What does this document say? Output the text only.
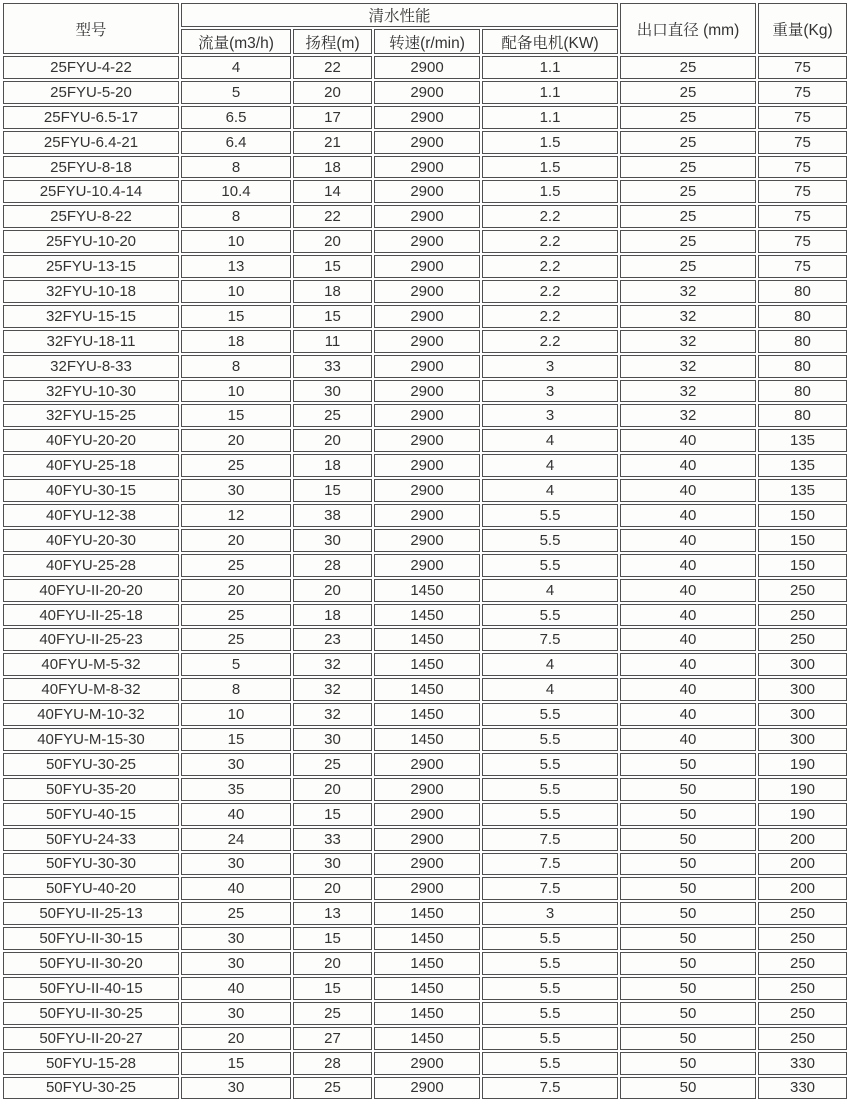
型号	清水性能				出口直径 (mm)	重量(Kg)
	流量(m3/h)	扬程(m)	转速(r/min)	配备电机(KW)		
25FYU-4-22	4	22	2900	1.1	25	75
25FYU-5-20	5	20	2900	1.1	25	75
25FYU-6.5-17	6.5	17	2900	1.1	25	75
25FYU-6.4-21	6.4	21	2900	1.5	25	75
25FYU-8-18	8	18	2900	1.5	25	75
25FYU-10.4-14	10.4	14	2900	1.5	25	75
25FYU-8-22	8	22	2900	2.2	25	75
25FYU-10-20	10	20	2900	2.2	25	75
25FYU-13-15	13	15	2900	2.2	25	75
32FYU-10-18	10	18	2900	2.2	32	80
32FYU-15-15	15	15	2900	2.2	32	80
32FYU-18-11	18	11	2900	2.2	32	80
32FYU-8-33	8	33	2900	3	32	80
32FYU-10-30	10	30	2900	3	32	80
32FYU-15-25	15	25	2900	3	32	80
40FYU-20-20	20	20	2900	4	40	135
40FYU-25-18	25	18	2900	4	40	135
40FYU-30-15	30	15	2900	4	40	135
40FYU-12-38	12	38	2900	5.5	40	150
40FYU-20-30	20	30	2900	5.5	40	150
40FYU-25-28	25	28	2900	5.5	40	150
40FYU-II-20-20	20	20	1450	4	40	250
40FYU-II-25-18	25	18	1450	5.5	40	250
40FYU-II-25-23	25	23	1450	7.5	40	250
40FYU-M-5-32	5	32	1450	4	40	300
40FYU-M-8-32	8	32	1450	4	40	300
40FYU-M-10-32	10	32	1450	5.5	40	300
40FYU-M-15-30	15	30	1450	5.5	40	300
50FYU-30-25	30	25	2900	5.5	50	190
50FYU-35-20	35	20	2900	5.5	50	190
50FYU-40-15	40	15	2900	5.5	50	190
50FYU-24-33	24	33	2900	7.5	50	200
50FYU-30-30	30	30	2900	7.5	50	200
50FYU-40-20	40	20	2900	7.5	50	200
50FYU-II-25-13	25	13	1450	3	50	250
50FYU-II-30-15	30	15	1450	5.5	50	250
50FYU-II-30-20	30	20	1450	5.5	50	250
50FYU-II-40-15	40	15	1450	5.5	50	250
50FYU-II-30-25	30	25	1450	5.5	50	250
50FYU-II-20-27	20	27	1450	5.5	50	250
50FYU-15-28	15	28	2900	5.5	50	330
50FYU-30-25	30	25	2900	7.5	50	330
